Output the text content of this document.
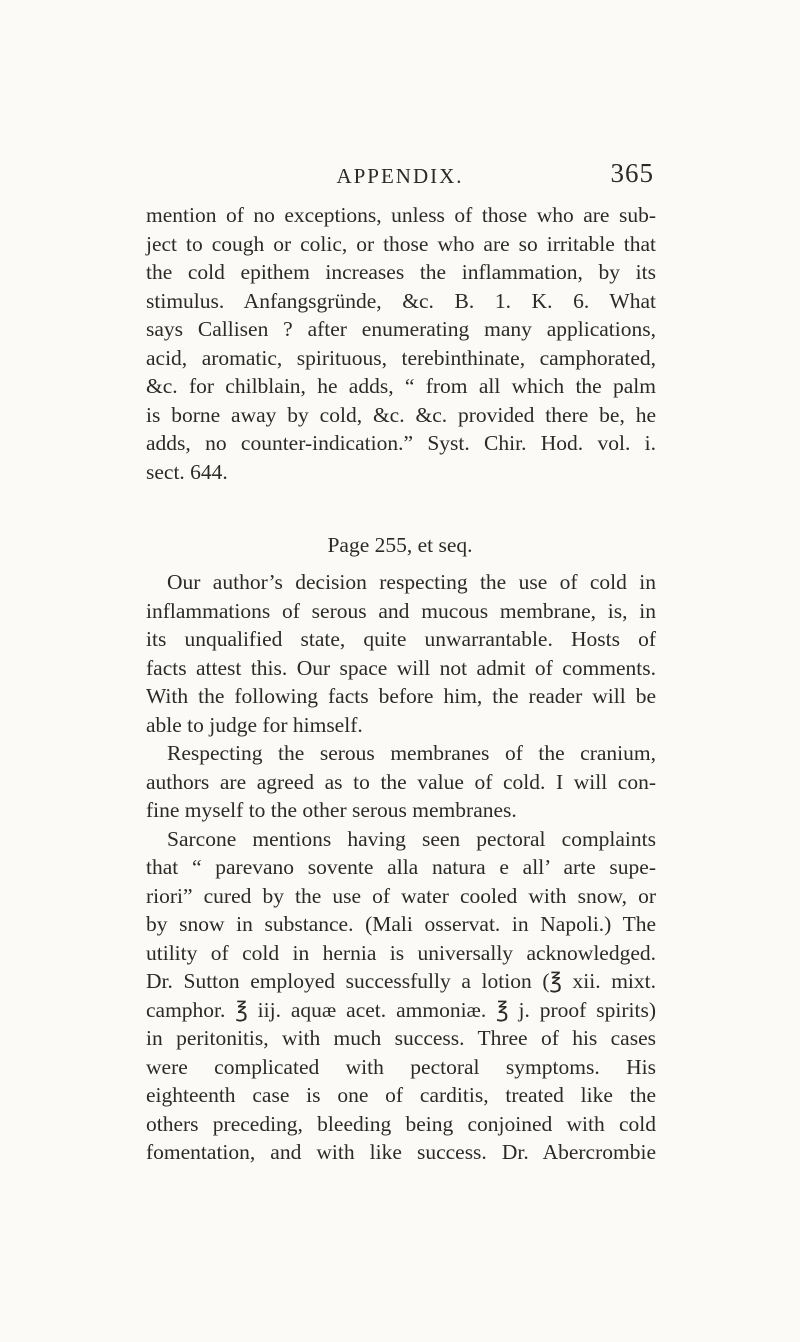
APPENDIX.	365
mention of no exceptions, unless of those who are sub-
ject to cough or colic, or those who are so irritable that
the cold epithem increases the inflammation, by its
stimulus. Anfangsgründe, &c. B. 1. K. 6. What
says Callisen ? after enumerating many applications,
acid, aromatic, spirituous, terebinthinate, camphorated,
&c. for chilblain, he adds, “ from all which the palm
is borne away by cold, &c. &c. provided there be, he
adds, no counter-indication.” Syst. Chir. Hod. vol. i.
sect. 644.
Page 255, et seq.
Our author’s decision respecting the use of cold in
inflammations of serous and mucous membrane, is, in
its unqualified state, quite unwarrantable. Hosts of
facts attest this. Our space will not admit of comments.
With the following facts before him, the reader will be
able to judge for himself.
Respecting the serous membranes of the cranium,
authors are agreed as to the value of cold. I will con-
fine myself to the other serous membranes.
Sarcone mentions having seen pectoral complaints
that “ parevano sovente alla natura e all’ arte supe-
riori” cured by the use of water cooled with snow, or
by snow in substance. (Mali osservat. in Napoli.) The
utility of cold in hernia is universally acknowledged.
Dr. Sutton employed successfully a lotion (℥ xii. mixt.
camphor. ℥ iij. aquæ acet. ammoniæ. ℥ j. proof spirits)
in peritonitis, with much success. Three of his cases
were complicated with pectoral symptoms. His
eighteenth case is one of carditis, treated like the
others preceding, bleeding being conjoined with cold
fomentation, and with like success. Dr. Abercrombie
